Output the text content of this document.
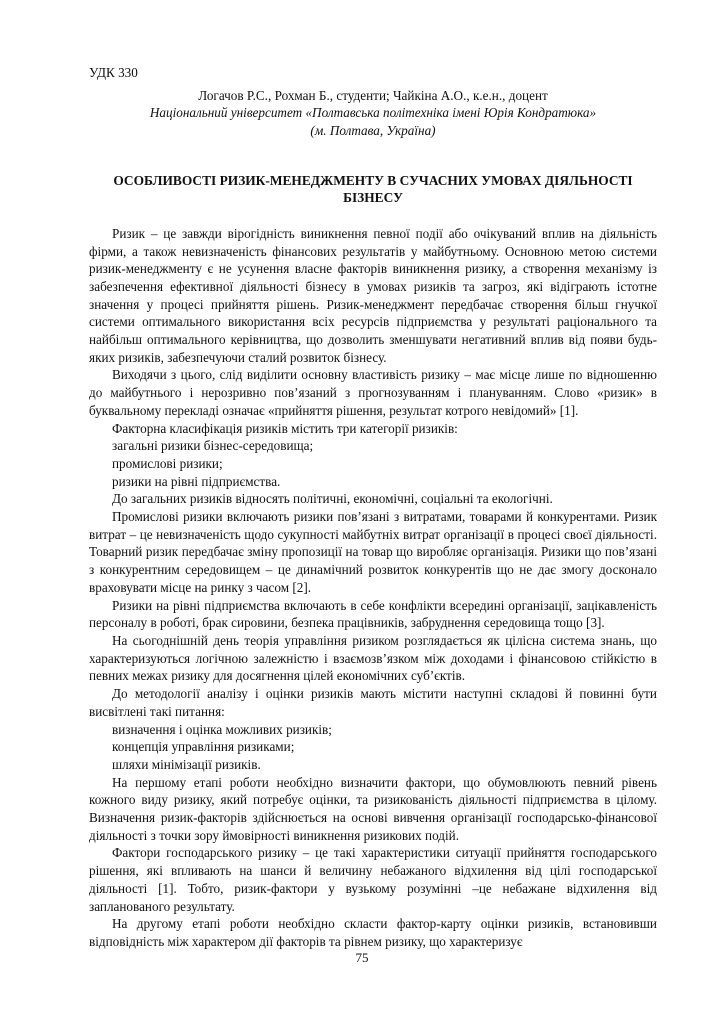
УДК 330

Логачов Р.С., Рохман Б., студенти; Чайкіна А.О., к.е.н., доцент

Національний університет «Полтавська політехніка імені Юрія Кондратюка»

(м. Полтава, Україна)

ОСОБЛИВОСТІ РИЗИК-МЕНЕДЖМЕНТУ В СУЧАСНИХ УМОВАХ ДІЯЛЬНОСТІ БІЗНЕСУ

Ризик – це завжди вірогідність виникнення певної події або очікуваний вплив на діяльність фірми, а також невизначеність фінансових результатів у майбутньому. Основною метою системи ризик-менеджменту є не усунення власне факторів виникнення ризику, а створення механізму із забезпечення ефективної діяльності бізнесу в умовах ризиків та загроз, які відіграють істотне значення у процесі прийняття рішень. Ризик-менеджмент передбачає створення більш гнучкої системи оптимального використання всіх ресурсів підприємства у результаті раціонального та найбільш оптимального керівництва, що дозволить зменшувати негативний вплив від появи будь-яких ризиків, забезпечуючи сталий розвиток бізнесу.

Виходячи з цього, слід виділити основну властивість ризику – має місце лише по відношенню до майбутнього і нерозривно пов’язаний з прогнозуванням і плануванням. Слово «ризик» в буквальному перекладі означає «прийняття рішення, результат котрого невідомий» [1].

Факторна класифікація ризиків містить три категорії ризиків:

загальні ризики бізнес-середовища;

промислові ризики;

ризики на рівні підприємства.

До загальних ризиків відносять політичні, економічні, соціальні та екологічні.

Промислові ризики включають ризики пов’язані з витратами, товарами й конкурентами. Ризик витрат – це невизначеність щодо сукупності майбутніх витрат організації в процесі своєї діяльності. Товарний ризик передбачає зміну пропозиції на товар що виробляє організація. Ризики що пов’язані з конкурентним середовищем – це динамічний розвиток конкурентів що не дає змогу досконало враховувати місце на ринку з часом [2].

Ризики на рівні підприємства включають в себе конфлікти всередині організації, зацікавленість персоналу в роботі, брак сировини, безпека працівників, забруднення середовища тощо [3].

На сьогоднішній день теорія управління ризиком розглядається як цілісна система знань, що характеризуються логічною залежністю і взаємозв’язком між доходами і фінансовою стійкістю в певних межах ризику для досягнення цілей економічних суб’єктів.

До методології аналізу і оцінки ризиків мають містити наступні складові й повинні бути висвітлені такі питання:

визначення і оцінка можливих ризиків;

концепція управління ризиками;

шляхи мінімізації ризиків.

На першому етапі роботи необхідно визначити фактори, що обумовлюють певний рівень кожного виду ризику, який потребує оцінки, та ризикованість діяльності підприємства в цілому. Визначення ризик-факторів здійснюється на основі вивчення організації господарсько-фінансової діяльності з точки зору ймовірності виникнення ризикових подій.

Фактори господарського ризику – це такі характеристики ситуації прийняття господарського рішення, які впливають на шанси й величину небажаного відхилення від цілі господарської діяльності [1]. Тобто, ризик-фактори у вузькому розумінні –це небажане відхилення від запланованого результату.

На другому етапі роботи необхідно скласти фактор-карту оцінки ризиків, встановивши відповідність між характером дії факторів та рівнем ризику, що характеризує

75
